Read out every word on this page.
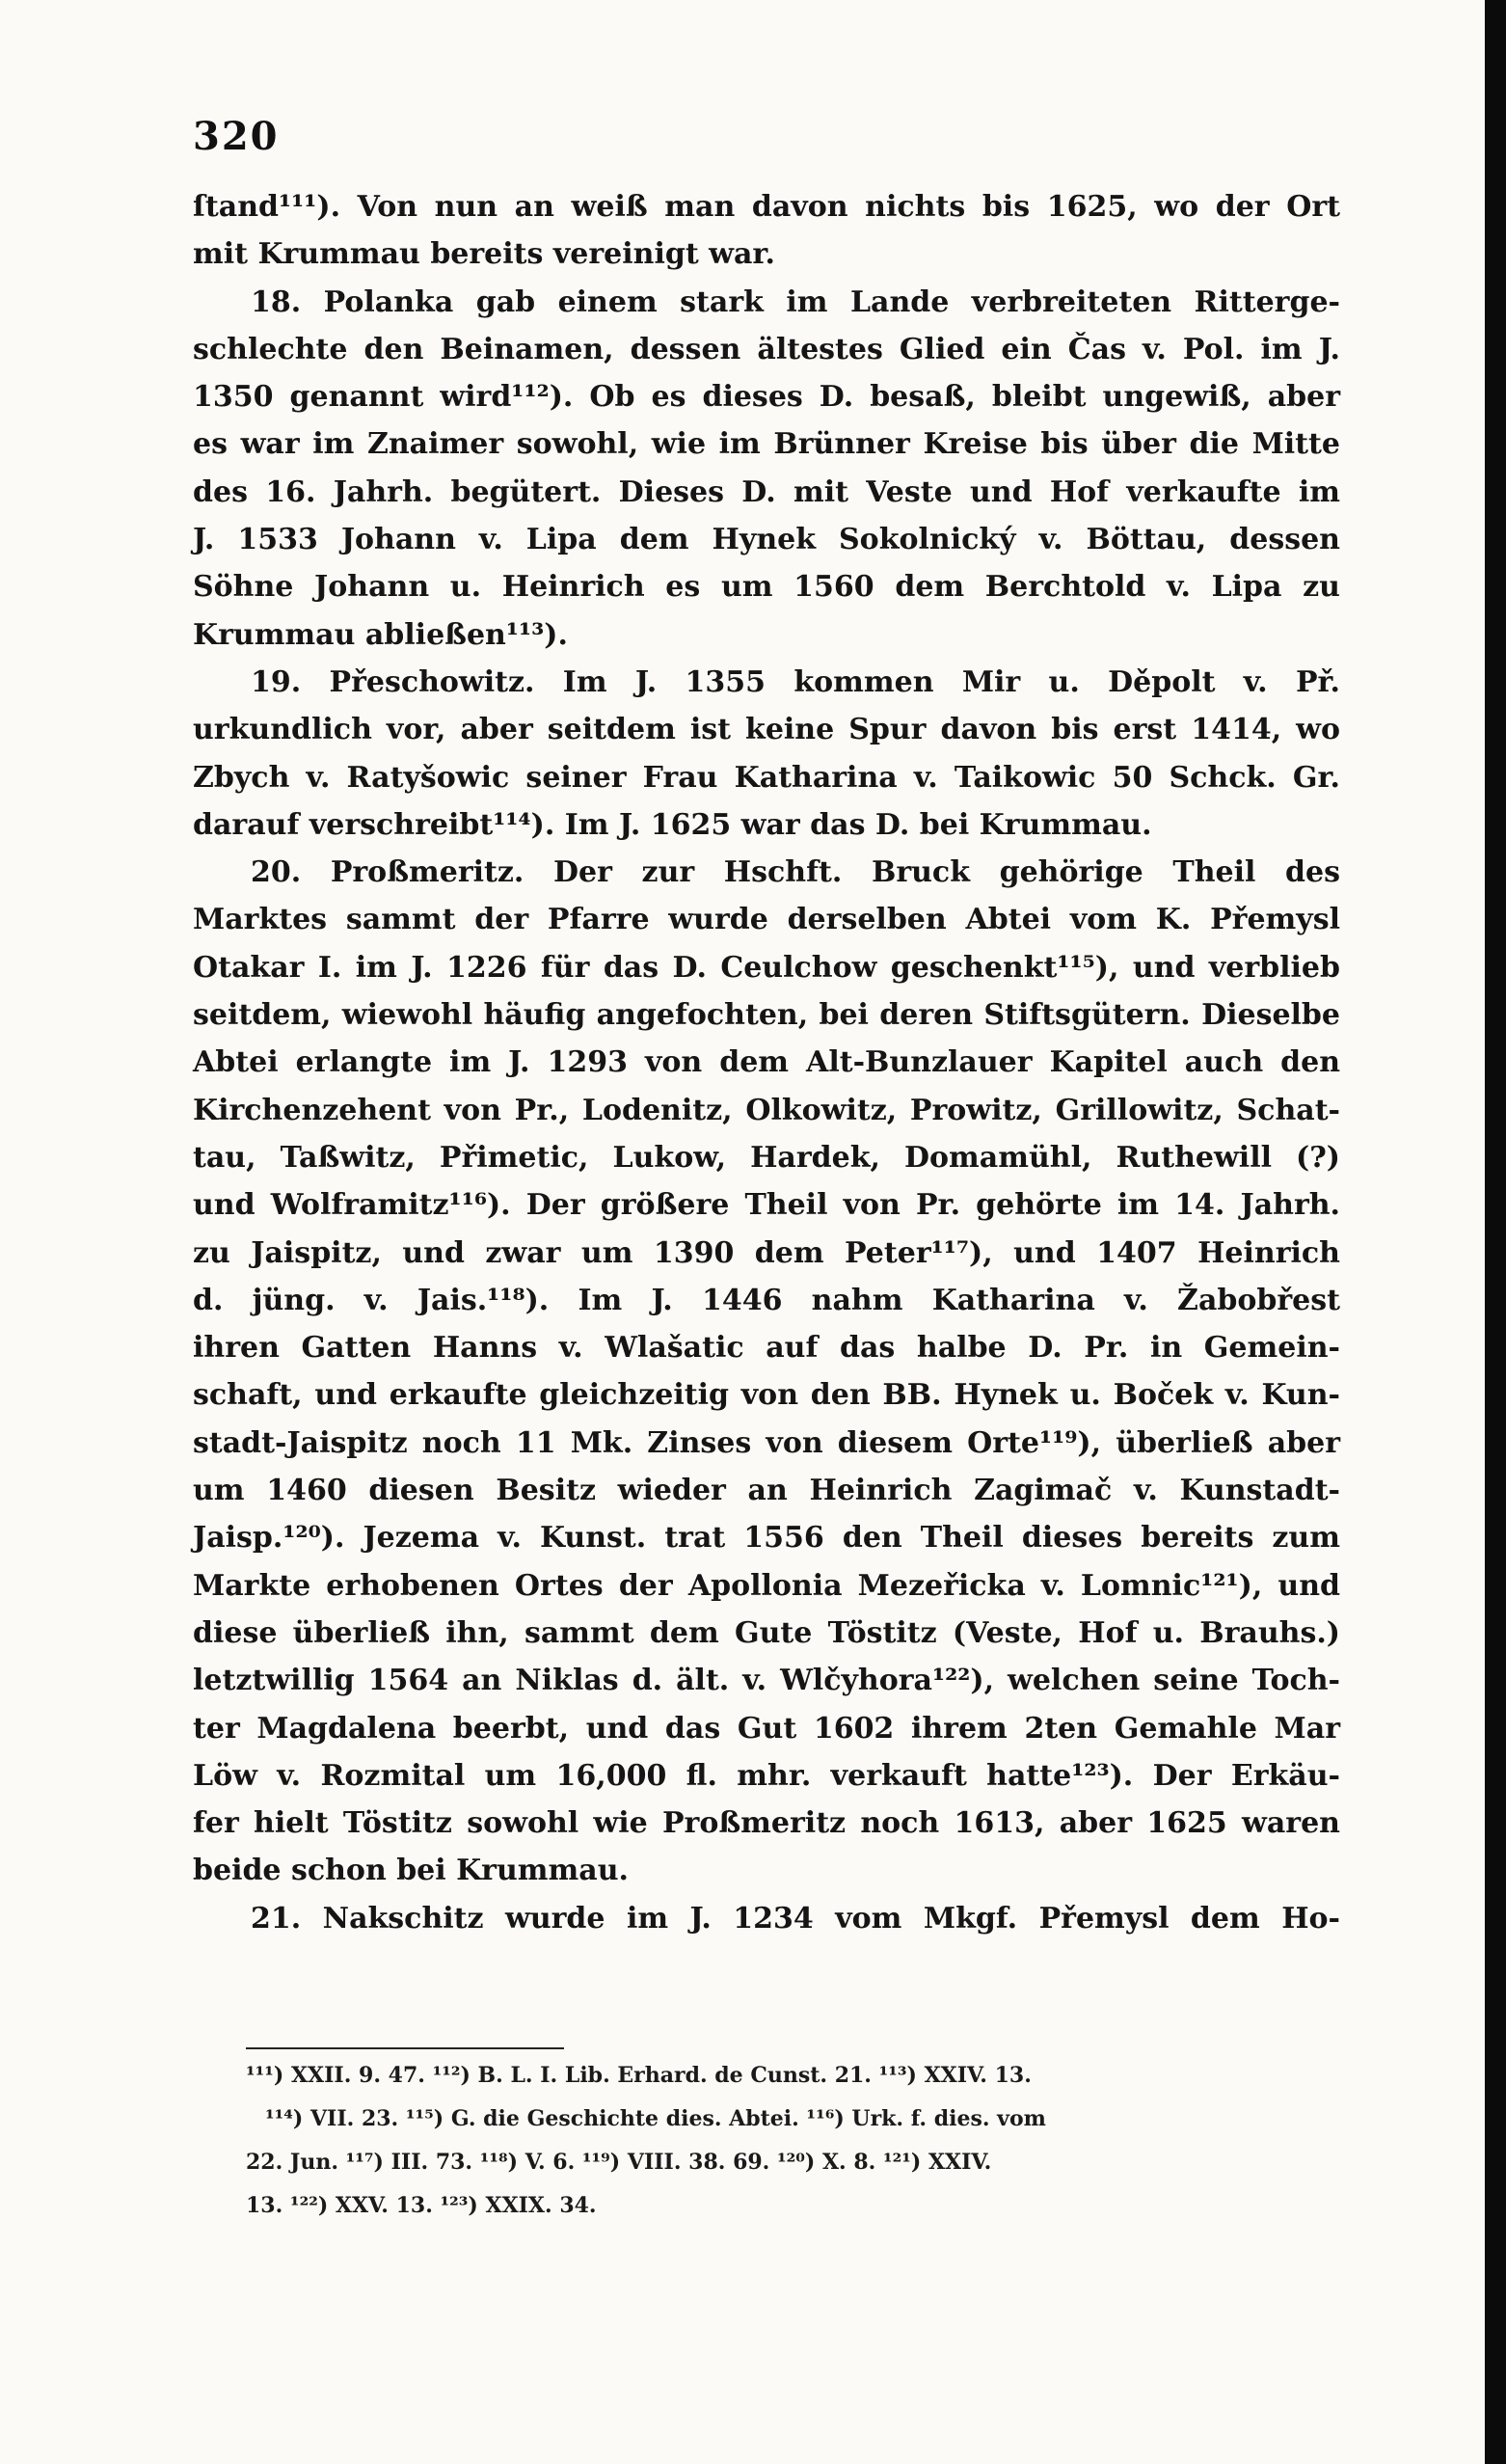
320
ſtand¹¹¹). Von nun an weiß man davon nichts bis 1625, wo der Ort
mit Krummau bereits vereinigt war.
18. Polanka gab einem stark im Lande verbreiteten Ritterge-
schlechte den Beinamen, dessen ältestes Glied ein Čas v. Pol. im J.
1350 genannt wird¹¹²). Ob es dieses D. besaß, bleibt ungewiß, aber
es war im Znaimer sowohl, wie im Brünner Kreise bis über die Mitte
des 16. Jahrh. begütert. Dieses D. mit Veste und Hof verkaufte im
J. 1533 Johann v. Lipa dem Hynek Sokolnický v. Böttau, dessen
Söhne Johann u. Heinrich es um 1560 dem Berchtold v. Lipa zu
Krummau abließen¹¹³).
19. Přeschowitz. Im J. 1355 kommen Mir u. Děpolt v. Př.
urkundlich vor, aber seitdem ist keine Spur davon bis erst 1414, wo
Zbych v. Ratyšowic seiner Frau Katharina v. Taikowic 50 Schck. Gr.
darauf verschreibt¹¹⁴). Im J. 1625 war das D. bei Krummau.
20. Proßmeritz. Der zur Hschft. Bruck gehörige Theil des
Marktes sammt der Pfarre wurde derselben Abtei vom K. Přemysl
Otakar I. im J. 1226 für das D. Ceulchow geschenkt¹¹⁵), und verblieb
seitdem, wiewohl häufig angefochten, bei deren Stiftsgütern. Dieselbe
Abtei erlangte im J. 1293 von dem Alt-Bunzlauer Kapitel auch den
Kirchenzehent von Pr., Lodenitz, Olkowitz, Prowitz, Grillowitz, Schat-
tau, Taßwitz, Přimetic, Lukow, Hardek, Domamühl, Ruthewill (?)
und Wolframitz¹¹⁶). Der größere Theil von Pr. gehörte im 14. Jahrh.
zu Jaispitz, und zwar um 1390 dem Peter¹¹⁷), und 1407 Heinrich
d. jüng. v. Jais.¹¹⁸). Im J. 1446 nahm Katharina v. Žabobřest
ihren Gatten Hanns v. Wlašatic auf das halbe D. Pr. in Gemein-
schaft, und erkaufte gleichzeitig von den BB. Hynek u. Boček v. Kun-
stadt-Jaispitz noch 11 Mk. Zinses von diesem Orte¹¹⁹), überließ aber
um 1460 diesen Besitz wieder an Heinrich Zagimač v. Kunstadt-
Jaisp.¹²⁰). Jezema v. Kunst. trat 1556 den Theil dieses bereits zum
Markte erhobenen Ortes der Apollonia Mezeřicka v. Lomnic¹²¹), und
diese überließ ihn, sammt dem Gute Töstitz (Veste, Hof u. Brauhs.)
letztwillig 1564 an Niklas d. ält. v. Wlčyhora¹²²), welchen seine Toch-
ter Magdalena beerbt, und das Gut 1602 ihrem 2ten Gemahle Mar
Löw v. Rozmital um 16,000 fl. mhr. verkauft hatte¹²³). Der Erkäu-
fer hielt Töstitz sowohl wie Proßmeritz noch 1613, aber 1625 waren
beide schon bei Krummau.
21. Nakschitz wurde im J. 1234 vom Mkgf. Přemysl dem Ho-
¹¹¹) XXII. 9. 47. ¹¹²) B. L. I. Lib. Erhard. de Cunst. 21. ¹¹³) XXIV. 13.
¹¹⁴) VII. 23. ¹¹⁵) G. die Geschichte dies. Abtei. ¹¹⁶) Urk. f. dies. vom
22. Jun. ¹¹⁷) III. 73. ¹¹⁸) V. 6. ¹¹⁹) VIII. 38. 69. ¹²⁰) X. 8. ¹²¹) XXIV.
13. ¹²²) XXV. 13. ¹²³) XXIX. 34.
